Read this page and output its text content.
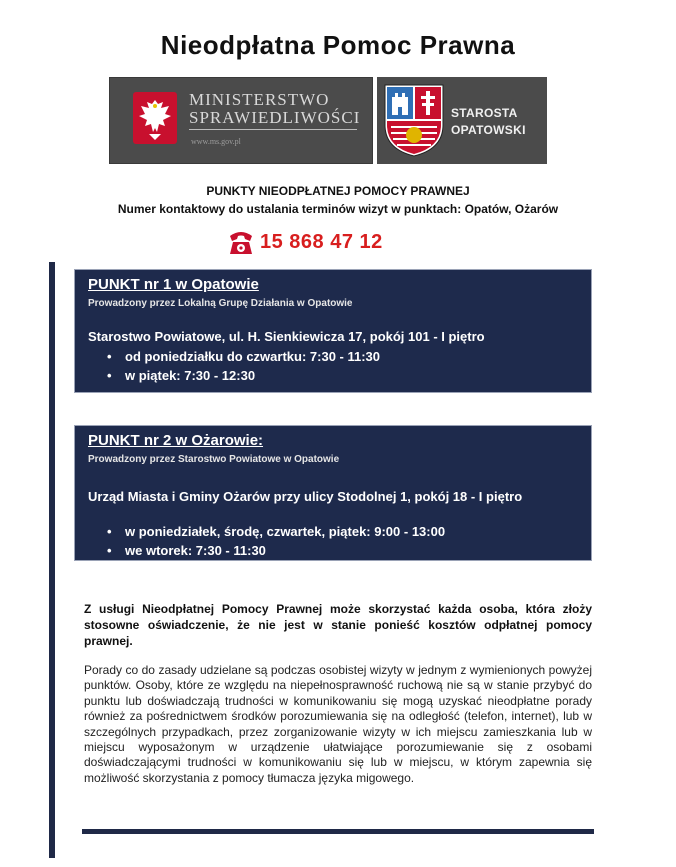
Nieodpłatna Pomoc Prawna
MINISTERSTWO
SPRAWIEDLIWOŚCI
www.ms.gov.pl
STAROSTA
OPATOWSKI
PUNKTY NIEODPŁATNEJ POMOCY PRAWNEJ
Numer kontaktowy do ustalania terminów wizyt w punktach: Opatów, Ożarów
15 868 47 12
PUNKT nr 1 w Opatowie
Prowadzony przez Lokalną Grupę Działania w Opatowie
Starostwo Powiatowe, ul. H. Sienkiewicza 17, pokój 101 - I piętro
• od poniedziałku do czwartku: 7:30 - 11:30
• w piątek: 7:30 - 12:30
PUNKT nr 2 w Ożarowie:
Prowadzony przez Starostwo Powiatowe w Opatowie
Urząd Miasta i Gminy Ożarów przy ulicy Stodolnej 1, pokój 18 - I piętro
• w poniedziałek, środę, czwartek, piątek: 9:00 - 13:00
• we wtorek: 7:30 - 11:30
Z usługi Nieodpłatnej Pomocy Prawnej może skorzystać każda osoba, która złoży stosowne oświadczenie, że nie jest w stanie ponieść kosztów odpłatnej pomocy prawnej.
Porady co do zasady udzielane są podczas osobistej wizyty w jednym z wymienionych powyżej punktów. Osoby, które ze względu na niepełnosprawność ruchową nie są w stanie przybyć do punktu lub doświadczają trudności w komunikowaniu się mogą uzyskać nieodpłatne porady również za pośrednictwem środków porozumiewania się na odległość (telefon, internet), lub w szczególnych przypadkach, przez zorganizowanie wizyty w ich miejscu zamieszkania lub w miejscu wyposażonym w urządzenie ułatwiające porozumiewanie się z osobami doświadczającymi trudności w komunikowaniu się lub w miejscu, w którym zapewnia się możliwość skorzystania z pomocy tłumacza języka migowego.
